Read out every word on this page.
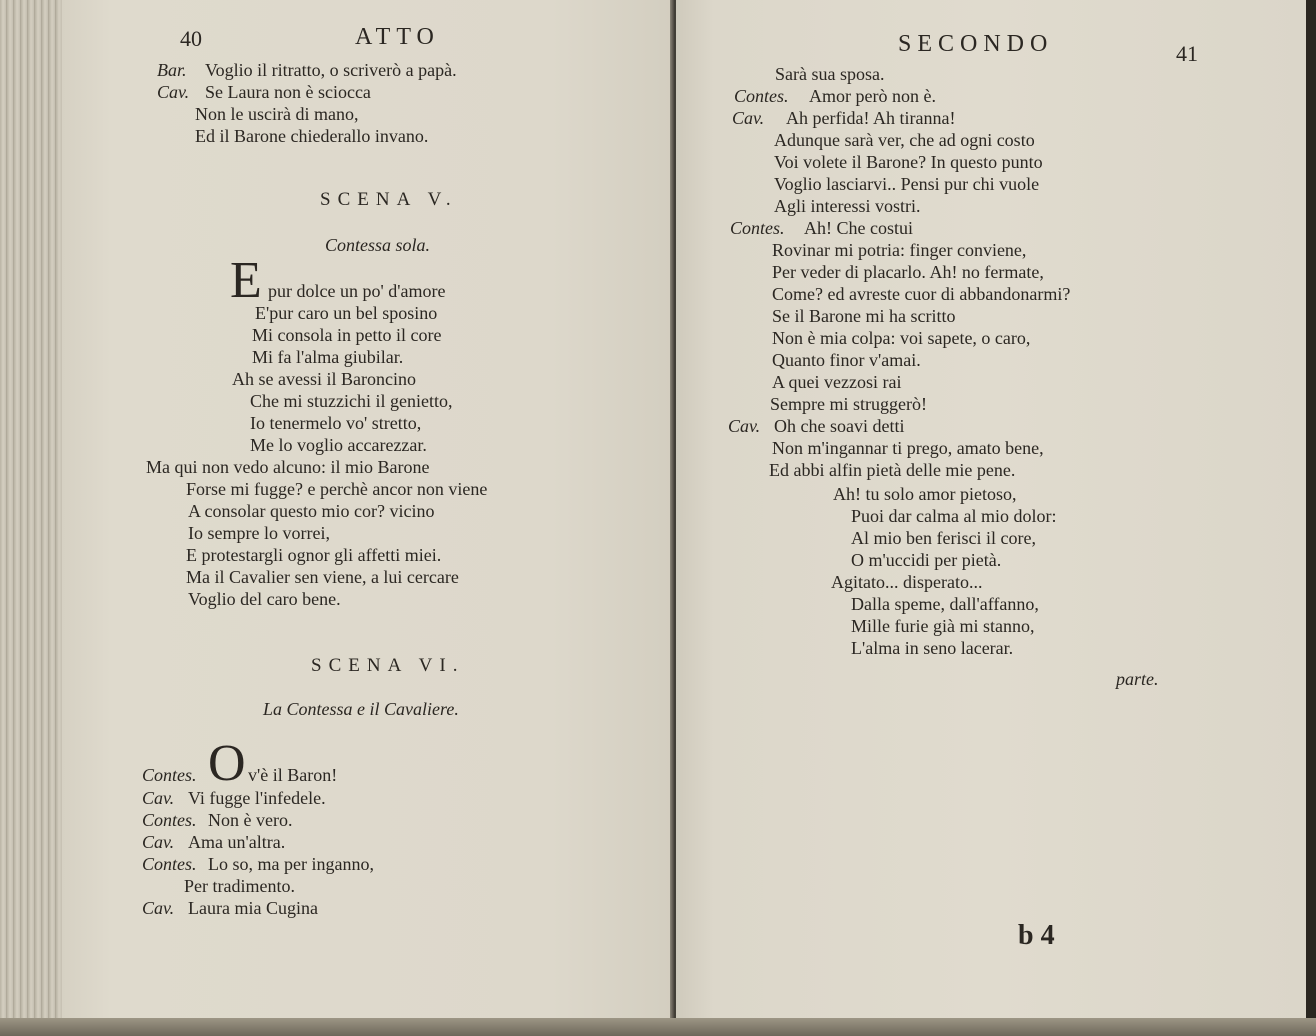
40	ATTO
Bar. Voglio il ritratto, o scriverò a papà.
Cav. Se Laura non è sciocca
Non le uscirà di mano,
Ed il Barone chiederallo invano.
SCENA V.
Contessa sola.
E pur dolce un po' d'amore
E'pur caro un bel sposino
Mi consola in petto il core
Mi fa l'alma giubilar.
Ah se avessi il Baroncino
Che mi stuzzichi il genietto,
Io tenermelo vo' stretto,
Me lo voglio accarezzar.
Ma qui non vedo alcuno: il mio Barone
Forse mi fugge? e perchè ancor non viene
A consolar questo mio cor? vicino
Io sempre lo vorrei,
E protestargli ognor gli affetti miei.
Ma il Cavalier sen viene, a lui cercare
Voglio del caro bene.
SCENA VI.
La Contessa e il Cavaliere.
Contes. O v'è il Baron!
Cav. Vi fugge l'infedele.
Contes. Non è vero.
Cav. Ama un'altra.
Contes. Lo so, ma per inganno,
Per tradimento.
Cav. Laura mia Cugina
SECONDO	41
Sarà sua sposa.
Contes. Amor però non è.
Cav. Ah perfida! Ah tiranna!
Adunque sarà ver, che ad ogni costo
Voi volete il Barone? In questo punto
Voglio lasciarvi.. Pensi pur chi vuole
Agli interessi vostri.
Contes. Ah! Che costui
Rovinar mi potria: finger conviene,
Per veder di placarlo. Ah! no fermate,
Come? ed avreste cuor di abbandonarmi?
Se il Barone mi ha scritto
Non è mia colpa: voi sapete, o caro,
Quanto finor v'amai.
A quei vezzosi rai
Sempre mi struggerò!
Cav. Oh che soavi detti
Non m'ingannar ti prego, amato bene,
Ed abbi alfin pietà delle mie pene.
Ah! tu solo amor pietoso,
Puoi dar calma al mio dolor:
Al mio ben ferisci il core,
O m'uccidi per pietà.
Agitato... disperato...
Dalla speme, dall'affanno,
Mille furie già mi stanno,
L'alma in seno lacerar.
parte.
b 4
